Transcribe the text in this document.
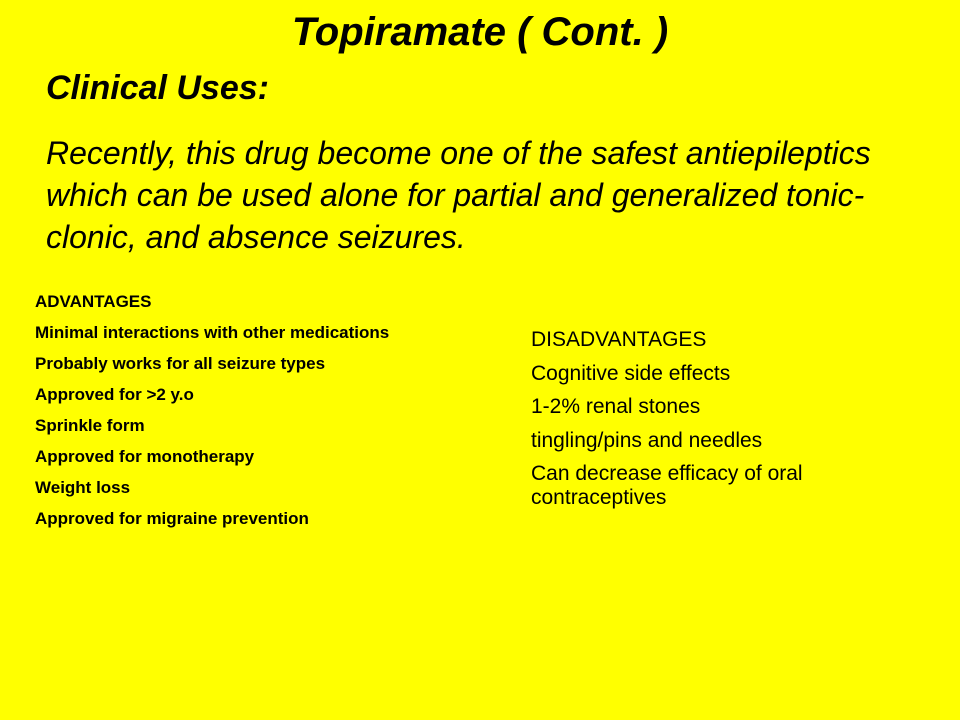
Topiramate ( Cont. )
Clinical Uses:

Recently, this drug become one of the safest antiepileptics which can be used alone for partial and generalized tonic-clonic, and absence seizures.

ADVANTAGES
Minimal interactions with other medications
Probably works for all seizure types
Approved for >2 y.o
Sprinkle form
Approved for monotherapy
Weight loss
Approved for migraine prevention
DISADVANTAGES
Cognitive side effects
1-2% renal stones
tingling/pins and needles
Can decrease efficacy of oral contraceptives
